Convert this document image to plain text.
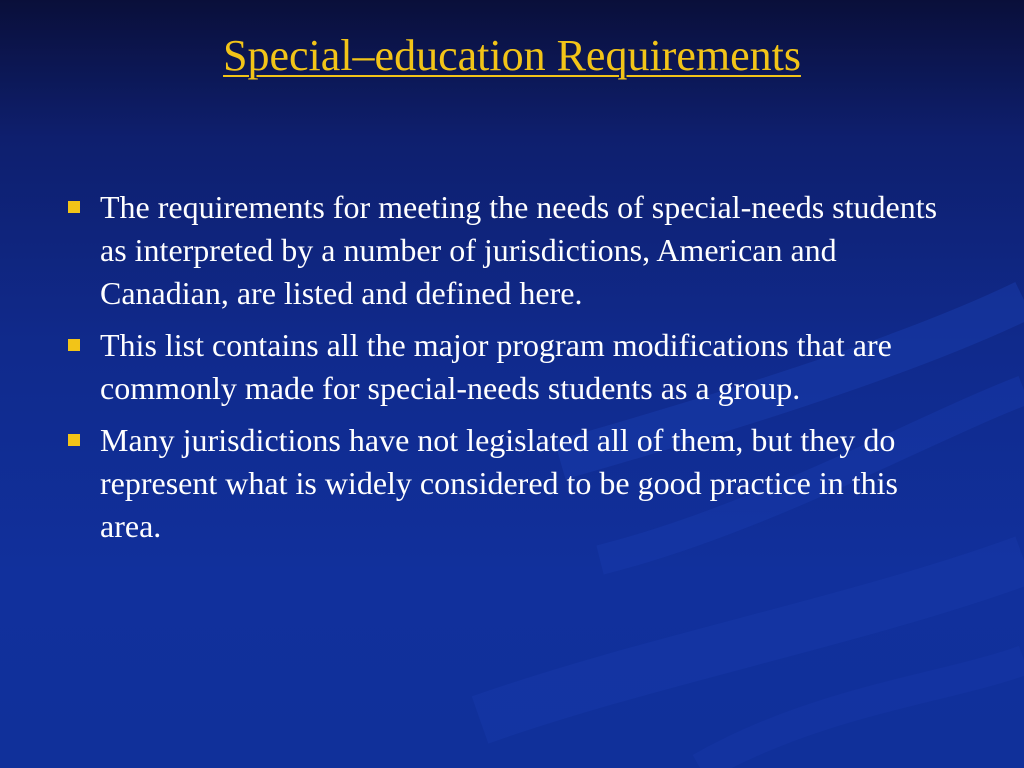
Special–education Requirements
The requirements for meeting the needs of special-needs students as interpreted by a number of jurisdictions, American and Canadian, are listed and defined here.
This list contains all the major program modifications that are commonly made for special-needs students as a group.
Many jurisdictions have not legislated all of them, but they do represent what is widely considered to be good practice in this area.
